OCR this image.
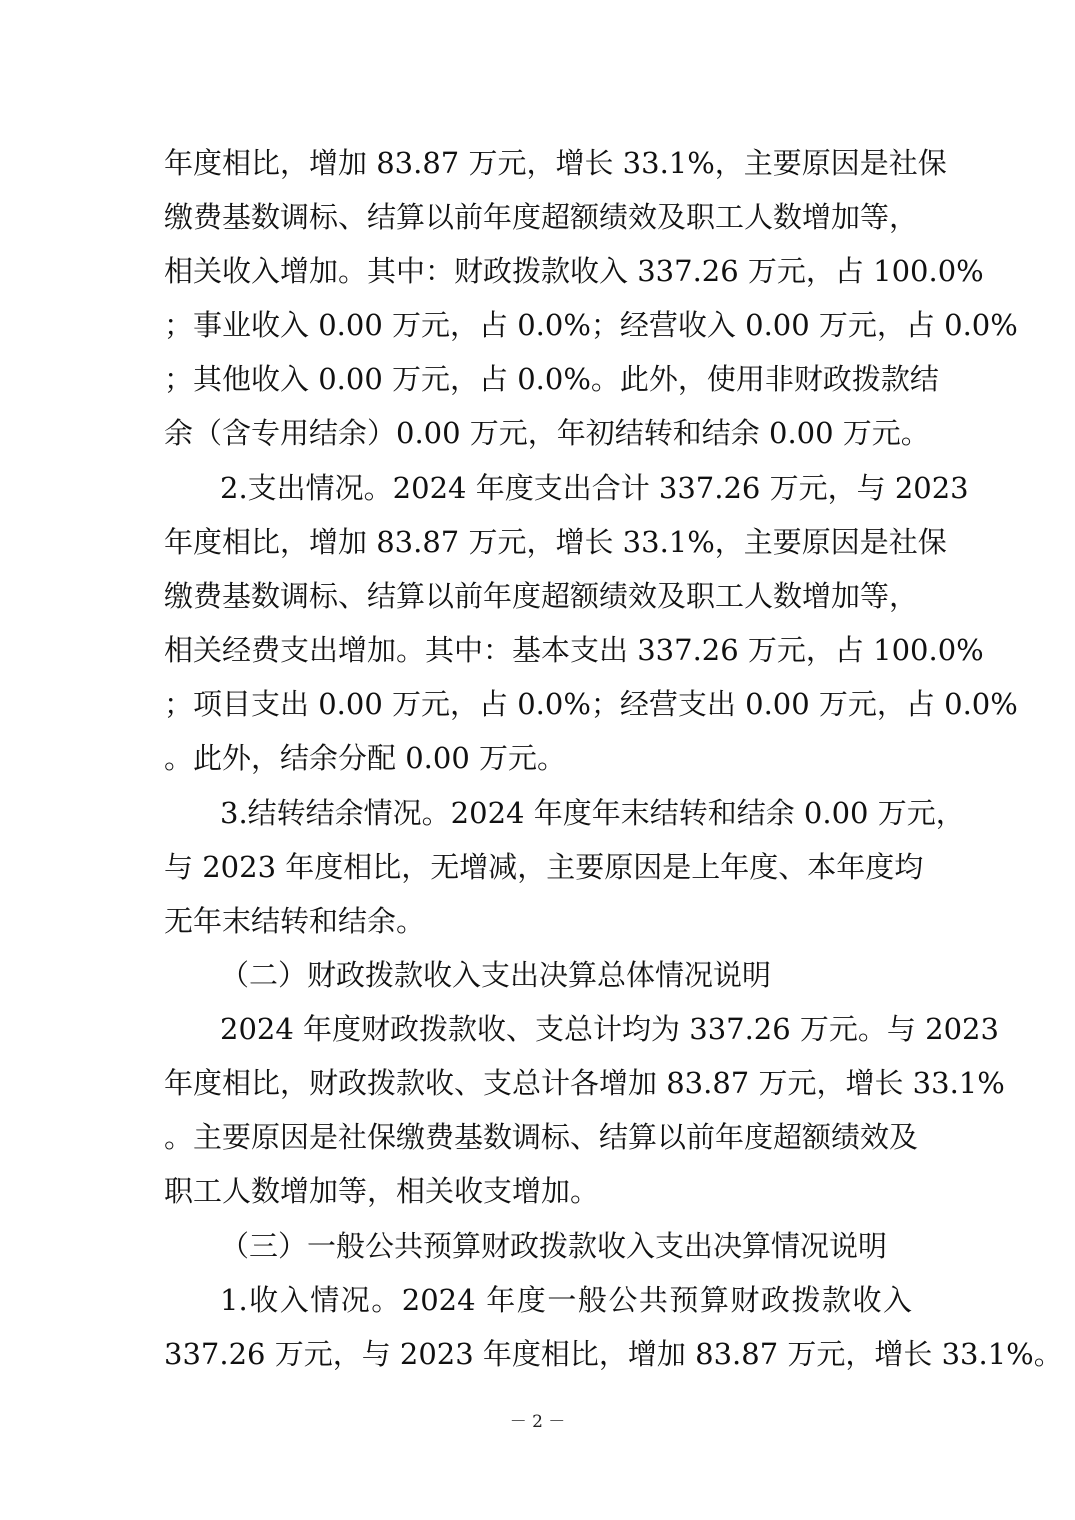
年度相比，增加 83.87 万元，增长 33.1%，主要原因是社保
缴费基数调标、结算以前年度超额绩效及职工人数增加等，
相关收入增加。其中：财政拨款收入 337.26 万元，占 100.0%
；事业收入 0.00 万元，占 0.0%；经营收入 0.00 万元，占 0.0%
；其他收入 0.00 万元，占 0.0%。此外，使用非财政拨款结
余（含专用结余）0.00 万元，年初结转和结余 0.00 万元。
2.支出情况。2024 年度支出合计 337.26 万元，与 2023
年度相比，增加 83.87 万元，增长 33.1%，主要原因是社保
缴费基数调标、结算以前年度超额绩效及职工人数增加等，
相关经费支出增加。其中：基本支出 337.26 万元，占 100.0%
；项目支出 0.00 万元，占 0.0%；经营支出 0.00 万元，占 0.0%
。此外，结余分配 0.00 万元。
3.结转结余情况。2024 年度年末结转和结余 0.00 万元，
与 2023 年度相比，无增减，主要原因是上年度、本年度均
无年末结转和结余。
（二）财政拨款收入支出决算总体情况说明
2024 年度财政拨款收、支总计均为 337.26 万元。与 2023
年度相比，财政拨款收、支总计各增加 83.87 万元，增长 33.1%
。主要原因是社保缴费基数调标、结算以前年度超额绩效及
职工人数增加等，相关收支增加。
（三）一般公共预算财政拨款收入支出决算情况说明
1.收入情况。2024 年度一般公共预算财政拨款收入
337.26 万元，与 2023 年度相比，增加 83.87 万元，增长 33.1%。
－ 2 －
